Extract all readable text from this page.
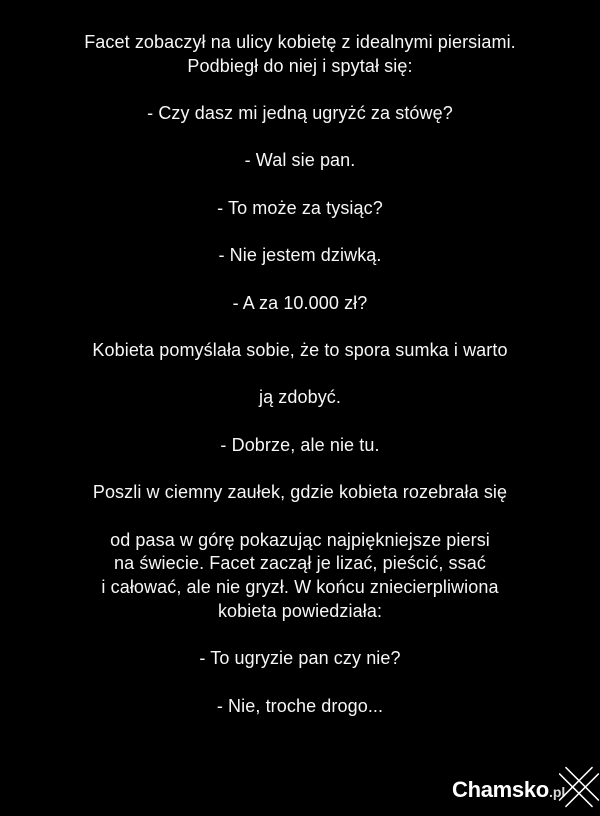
Facet zobaczył na ulicy kobietę z idealnymi piersiami.
Podbiegł do niej i spytał się:

- Czy dasz mi jedną ugryżć za stówę?

- Wal sie pan.

- To może za tysiąc?

- Nie jestem dziwką.

- A za 10.000 zł?

Kobieta pomyślała sobie, że to spora sumka i warto

ją zdobyć.

- Dobrze, ale nie tu.

Poszli w ciemny zaułek, gdzie kobieta rozebrała się

od pasa w górę pokazując najpiękniejsze piersi
na świecie. Facet zaczął je lizać, pieścić, ssać
i całować, ale nie gryzł. W końcu zniecierpliwiona
kobieta powiedziała:

- To ugryzie pan czy nie?

- Nie, troche drogo...

Chamsko .pl
